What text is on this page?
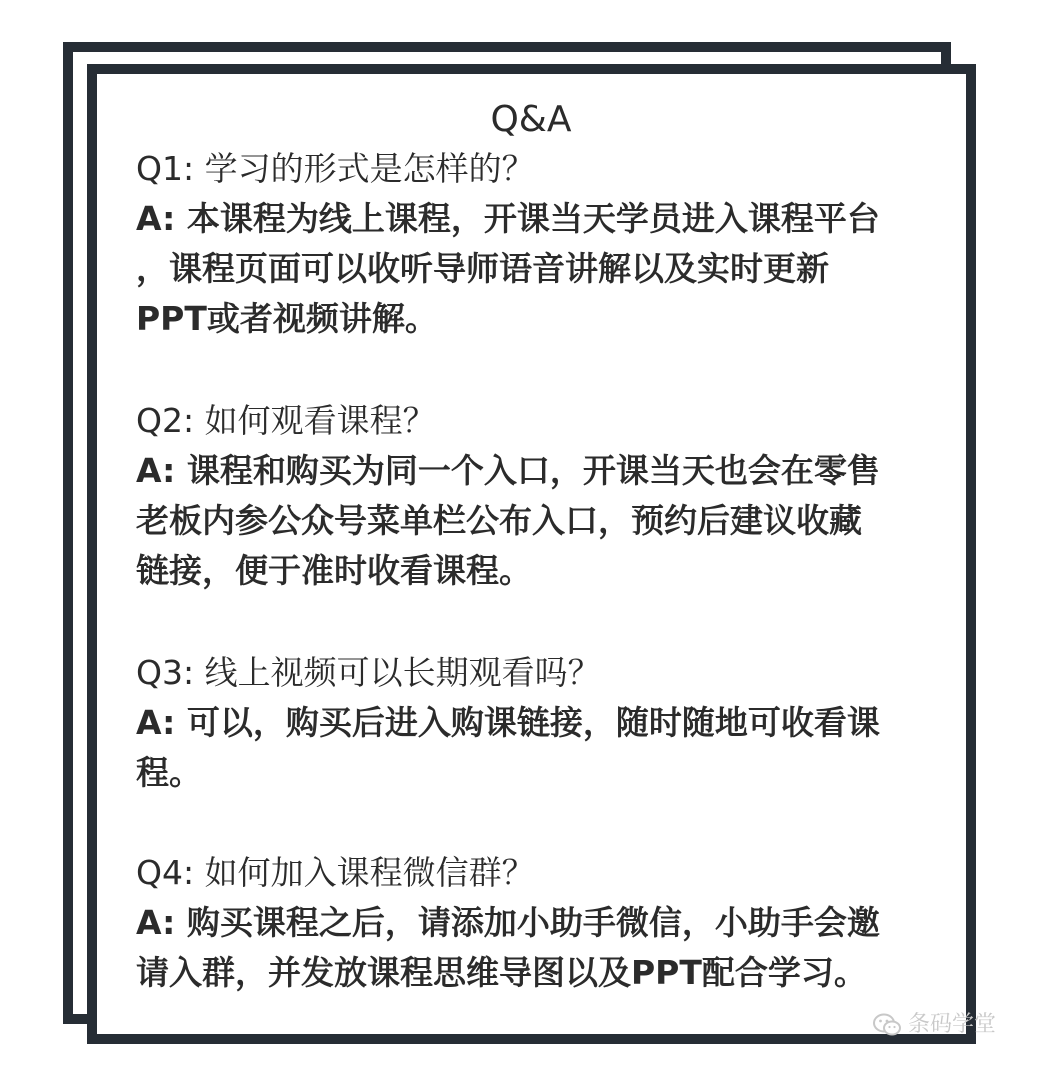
Q&A

Q1: 学习的形式是怎样的？

A: 本课程为线上课程，开课当天学员进入课程平台

，课程页面可以收听导师语音讲解以及实时更新

PPT或者视频讲解。

Q2: 如何观看课程？

A: 课程和购买为同一个入口，开课当天也会在零售

老板内参公众号菜单栏公布入口，预约后建议收藏

链接，便于准时收看课程。

Q3: 线上视频可以长期观看吗？

A: 可以，购买后进入购课链接，随时随地可收看课

程。

Q4: 如何加入课程微信群？

A: 购买课程之后，请添加小助手微信，小助手会邀

请入群，并发放课程思维导图以及PPT配合学习。

条码学堂
